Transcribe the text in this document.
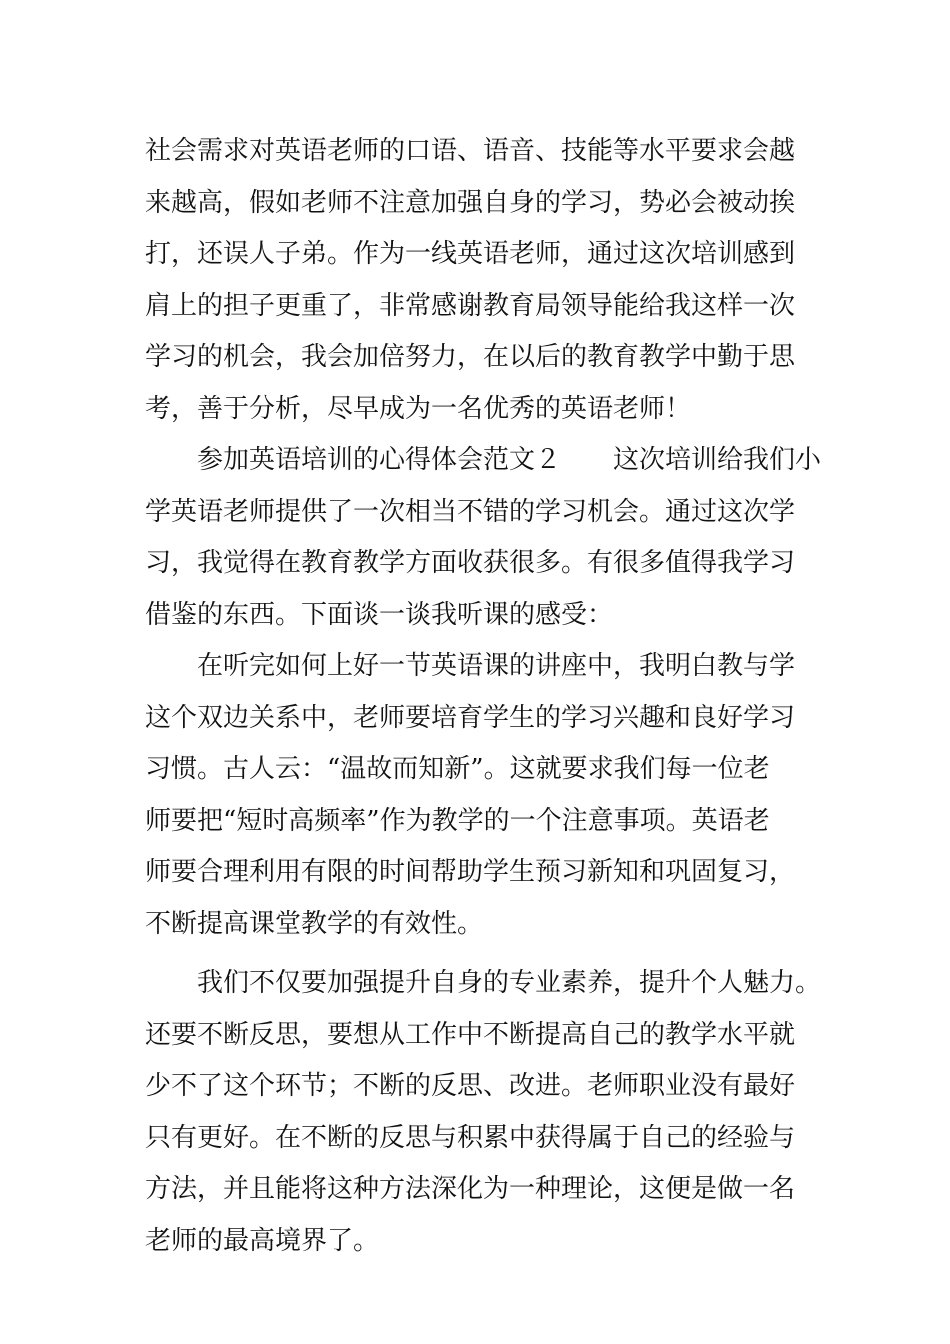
社会需求对英语老师的口语、语音、技能等水平要求会越
来越高，假如老师不注意加强自身的学习，势必会被动挨
打，还误人子弟。作为一线英语老师，通过这次培训感到
肩上的担子更重了，非常感谢教育局领导能给我这样一次
学习的机会，我会加倍努力，在以后的教育教学中勤于思
考，善于分析，尽早成为一名优秀的英语老师！
参加英语培训的心得体会范文２ 这次培训给我们小
学英语老师提供了一次相当不错的学习机会。通过这次学
习，我觉得在教育教学方面收获很多。有很多值得我学习
借鉴的东西。下面谈一谈我听课的感受：
在听完如何上好一节英语课的讲座中，我明白教与学
这个双边关系中，老师要培育学生的学习兴趣和良好学习
习惯。古人云：“温故而知新”。这就要求我们每一位老
师要把“短时高频率”作为教学的一个注意事项。英语老
师要合理利用有限的时间帮助学生预习新知和巩固复习，
不断提高课堂教学的有效性。
我们不仅要加强提升自身的专业素养，提升个人魅力。
还要不断反思，要想从工作中不断提高自己的教学水平就
少不了这个环节；不断的反思、改进。老师职业没有最好
只有更好。在不断的反思与积累中获得属于自己的经验与
方法，并且能将这种方法深化为一种理论，这便是做一名
老师的最高境界了。
